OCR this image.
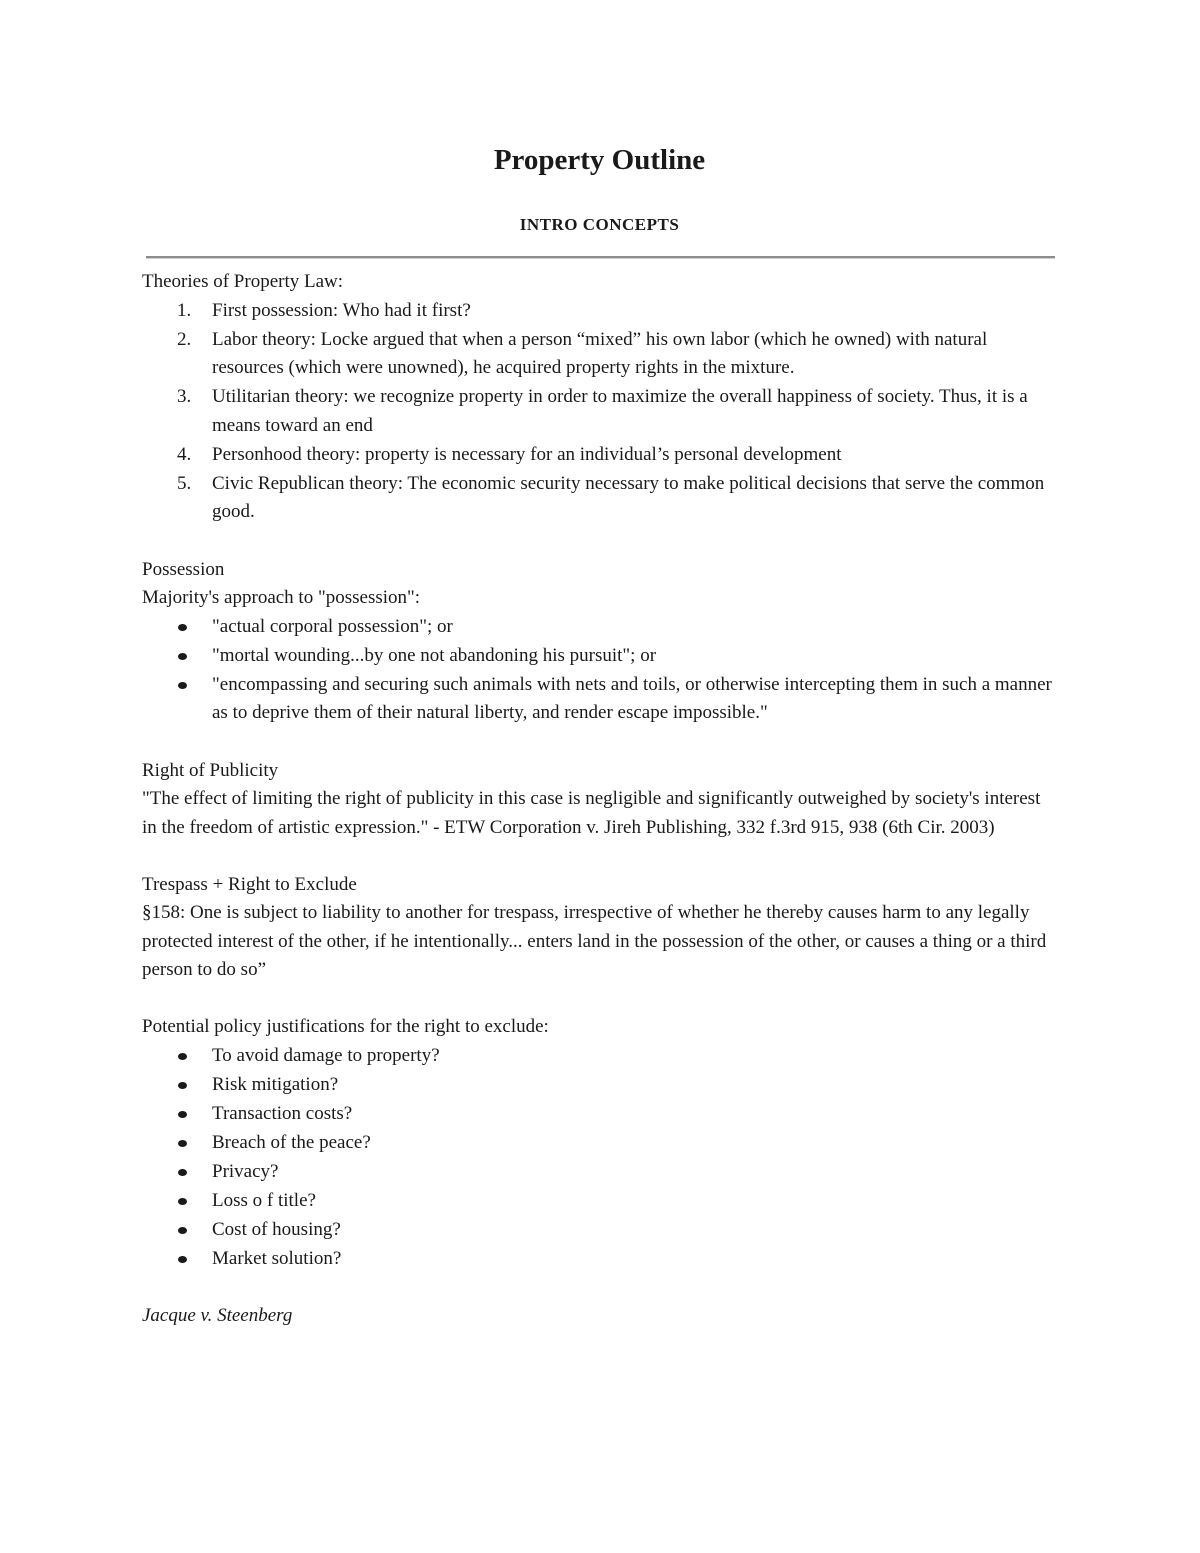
Property Outline
INTRO CONCEPTS

Theories of Property Law:

1.	First possession: Who had it first?
2.	Labor theory: Locke argued that when a person “mixed” his own labor (which he owned) with natural resources (which were unowned), he acquired property rights in the mixture.
3.	Utilitarian theory: we recognize property in order to maximize the overall happiness of society. Thus, it is a means toward an end
4.	Personhood theory: property is necessary for an individual’s personal development
5.	Civic Republican theory: The economic security necessary to make political decisions that serve the common good.

Possession

Majority's approach to "possession":

"actual corporal possession"; or
"mortal wounding...by one not abandoning his pursuit"; or
"encompassing and securing such animals with nets and toils, or otherwise intercepting them in such a manner as to deprive them of their natural liberty, and render escape impossible."

Right of Publicity

"The effect of limiting the right of publicity in this case is negligible and significantly outweighed by society's interest in the freedom of artistic expression." - ETW Corporation v. Jireh Publishing, 332 f.3rd 915, 938 (6th Cir. 2003)

Trespass + Right to Exclude

§158: One is subject to liability to another for trespass, irrespective of whether he thereby causes harm to any legally protected interest of the other, if he intentionally... enters land in the possession of the other, or causes a thing or a third person to do so”

Potential policy justifications for the right to exclude:

To avoid damage to property?
Risk mitigation?
Transaction costs?
Breach of the peace?
Privacy?
Loss o f title?
Cost of housing?
Market solution?

Jacque v. Steenberg
